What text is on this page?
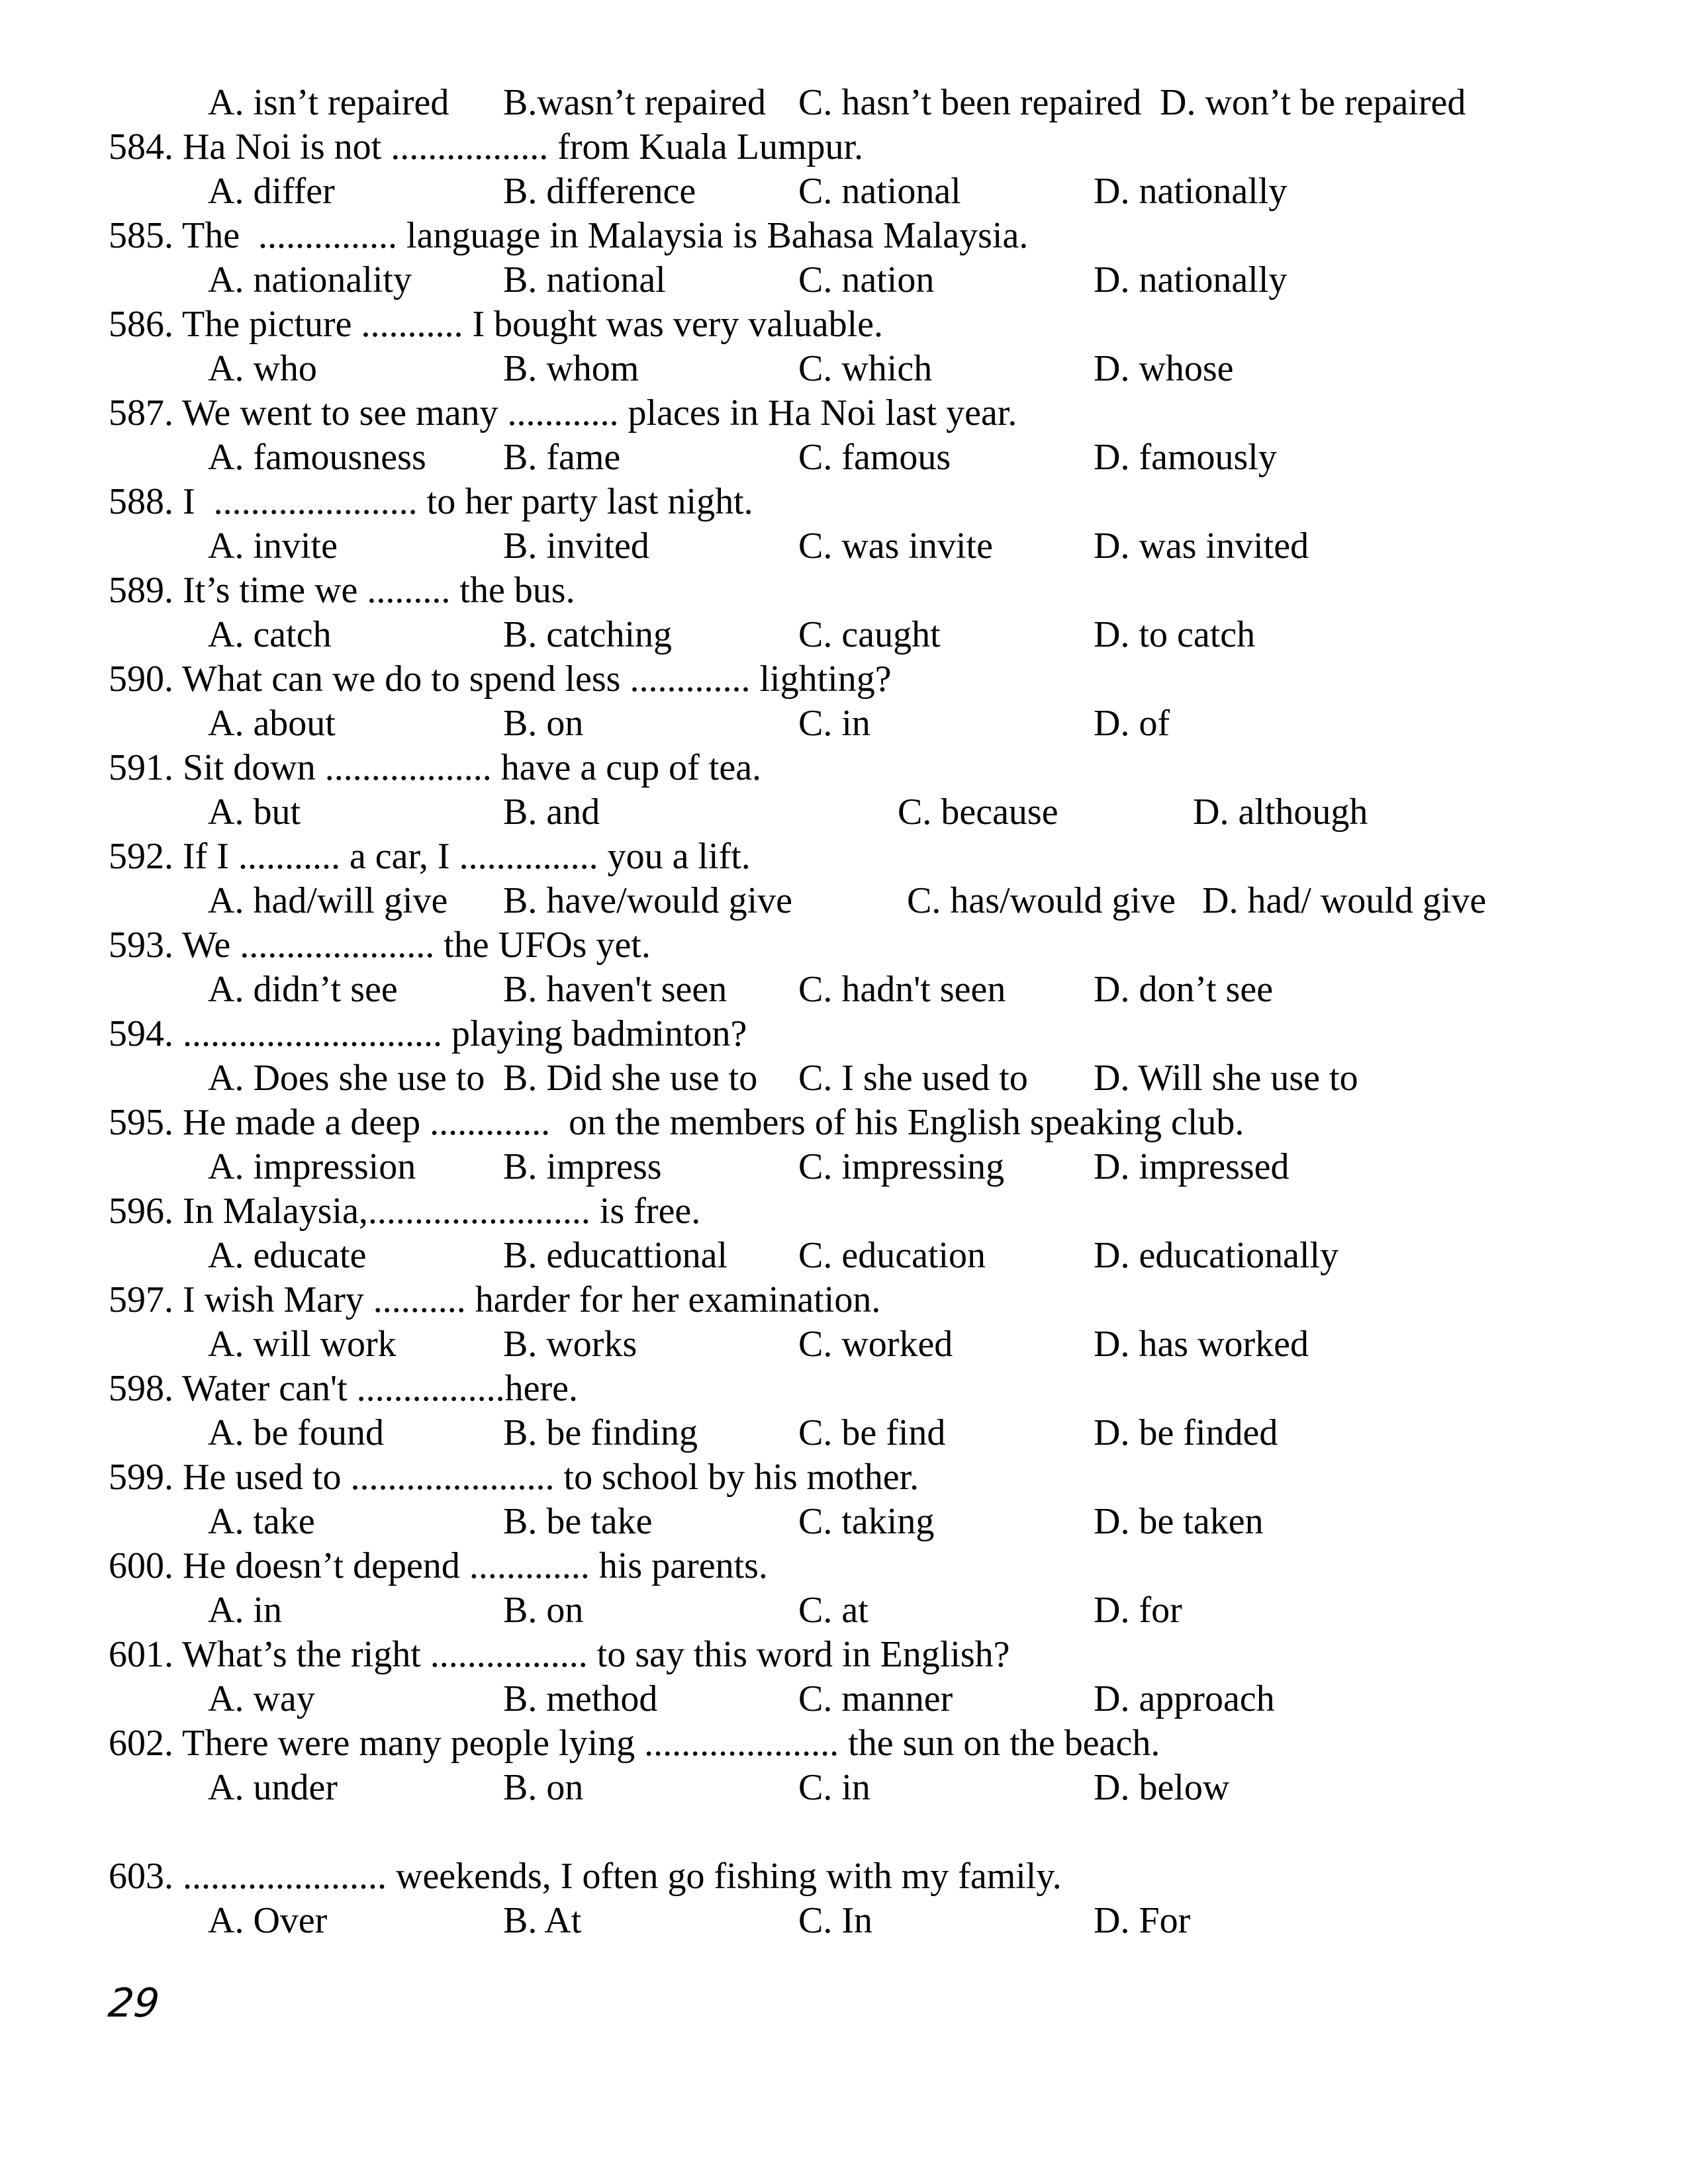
A. isn’t repaired

B.wasn’t repaired

C. hasn’t been repaired

D. won’t be repaired

584. Ha Noi is not ................. from Kuala Lumpur.

A. differ

	B. difference

	C. national

	D. nationally

585. The  ............... language in Malaysia is Bahasa Malaysia.

A. nationality

B. national

	C. nation

	D. nationally

586. The picture ........... I bought was very valuable.

A. who

	B. whom

	C. which

	D. whose

587. We went to see many ............ places in Ha Noi last year.

A. famousness

B. fame

	C. famous

	D. famously

588. I  ...................... to her party last night.

A. invite

	B. invited

	C. was invite

	D. was invited

589. It’s time we ......... the bus.

A. catch

	B. catching

	C. caught

	D. to catch

590. What can we do to spend less ............. lighting?

A. about

	B. on

	C. in

	D. of

591. Sit down .................. have a cup of tea.

A. but

	B. and

	C. because

	D. although

592. If I ........... a car, I ............... you a lift.

A. had/will give

B. have/would give

	C. has/would give

D. had/ would give

593. We ..................... the UFOs yet.

A. didn’t see

	B. haven't seen

C. hadn't seen

D. don’t see

594. ............................ playing badminton?

A. Does she use to

B. Did she use to

C. I she used to

D. Will she use to

595. He made a deep .............  on the members of his English speaking club.

A. impression

B. impress

	C. impressing

D. impressed

596. In Malaysia,........................ is free.

A. educate

	B. educattional

C. education

	D. educationally

597. I wish Mary .......... harder for her examination.

A. will work

	B. works

	C. worked

	D. has worked

598. Water can't ................here.

A. be found

	B. be finding

	C. be find

	D. be finded

599. He used to ...................... to school by his mother.

A. take

	B. be take

	C. taking

	D. be taken

600. He doesn’t depend ............. his parents.

A. in

	B. on

	C. at

	D. for

601. What’s the right ................. to say this word in English?

A. way

	B. method

	C. manner

	D. approach

602. There were many people lying ..................... the sun on the beach.

A. under

	B. on

	C. in

	D. below

603. ...................... weekends, I often go fishing with my family.

A. Over

	B. At

	C. In

	D. For

29
